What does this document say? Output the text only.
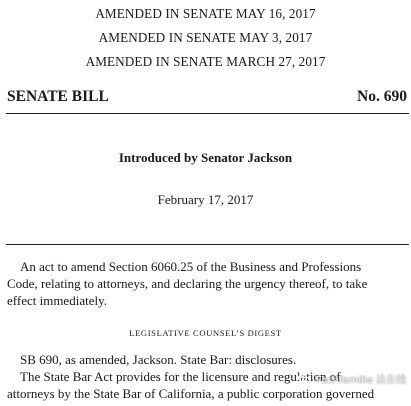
AMENDED IN SENATE MAY 16, 2017
AMENDED IN SENATE MAY 3, 2017
AMENDED IN SENATE MARCH 27, 2017
SENATE BILL	No. 690
Introduced by Senator Jackson
February 17, 2017
An act to amend Section 6060.25 of the Business and Professions
Code, relating to attorneys, and declaring the urgency thereof, to take
effect immediately.
LEGISLATIVE COUNSEL’S DIGEST
SB 690, as amended, Jackson. State Bar: disclosures.
The State Bar Act provides for the licensure and regulation of
attorneys by the State Bar of California, a public corporation governed
Fachfamilie 法在线
